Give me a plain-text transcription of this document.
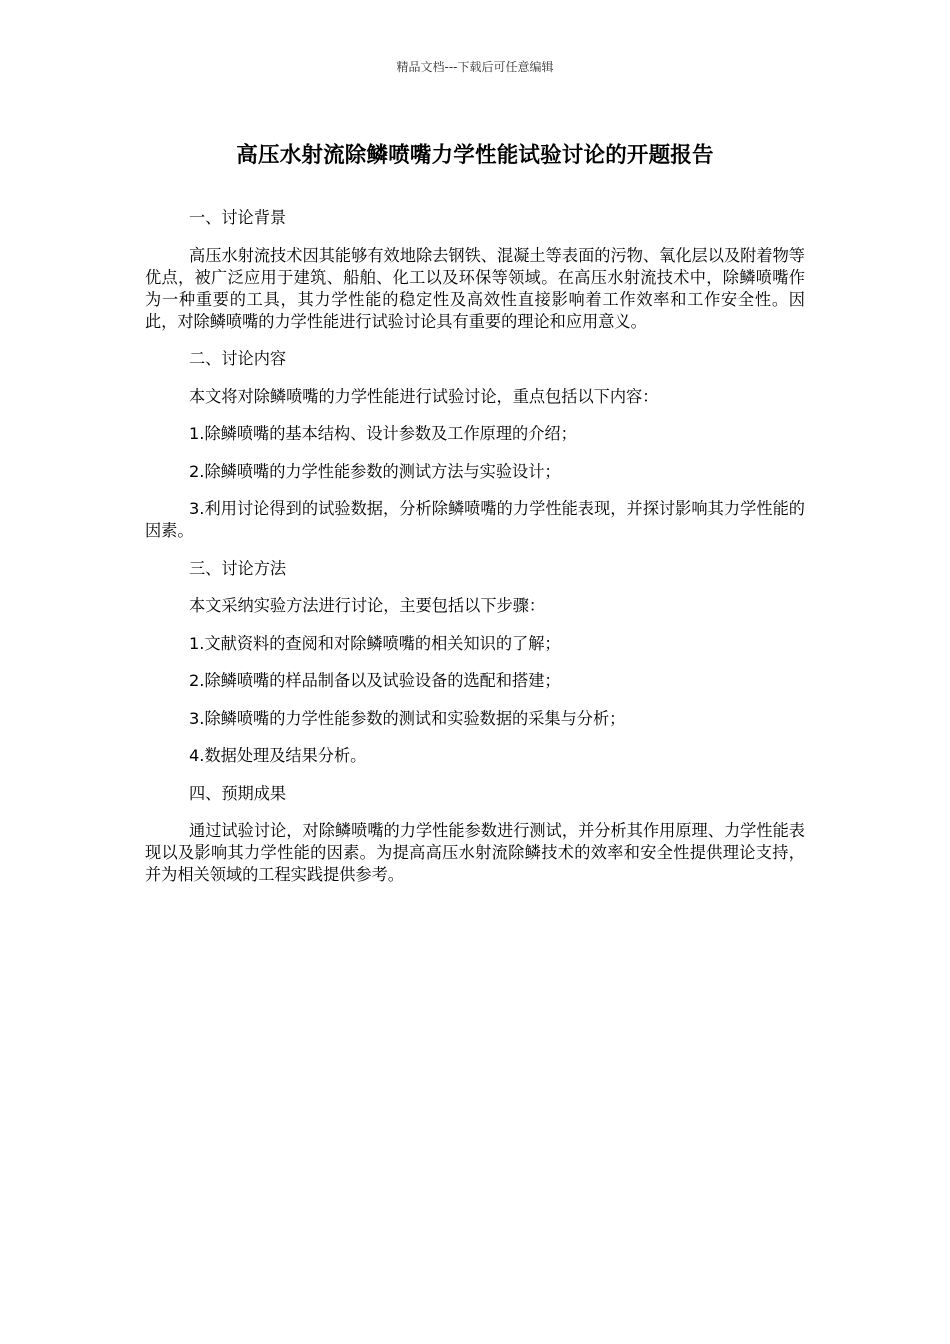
精品文档---下载后可任意编辑
高压水射流除鳞喷嘴力学性能试验讨论的开题报告

一、讨论背景

高压水射流技术因其能够有效地除去钢铁、混凝土等表面的污物、氧化层以及附着物等优点，被广泛应用于建筑、船舶、化工以及环保等领域。在高压水射流技术中，除鳞喷嘴作为一种重要的工具，其力学性能的稳定性及高效性直接影响着工作效率和工作安全性。因此，对除鳞喷嘴的力学性能进行试验讨论具有重要的理论和应用意义。

二、讨论内容

本文将对除鳞喷嘴的力学性能进行试验讨论，重点包括以下内容：

1.除鳞喷嘴的基本结构、设计参数及工作原理的介绍；

2.除鳞喷嘴的力学性能参数的测试方法与实验设计；

3.利用讨论得到的试验数据，分析除鳞喷嘴的力学性能表现，并探讨影响其力学性能的因素。

三、讨论方法

本文采纳实验方法进行讨论，主要包括以下步骤：

1.文献资料的查阅和对除鳞喷嘴的相关知识的了解；

2.除鳞喷嘴的样品制备以及试验设备的选配和搭建；

3.除鳞喷嘴的力学性能参数的测试和实验数据的采集与分析；

4.数据处理及结果分析。

四、预期成果

通过试验讨论，对除鳞喷嘴的力学性能参数进行测试，并分析其作用原理、力学性能表现以及影响其力学性能的因素。为提高高压水射流除鳞技术的效率和安全性提供理论支持，并为相关领域的工程实践提供参考。
